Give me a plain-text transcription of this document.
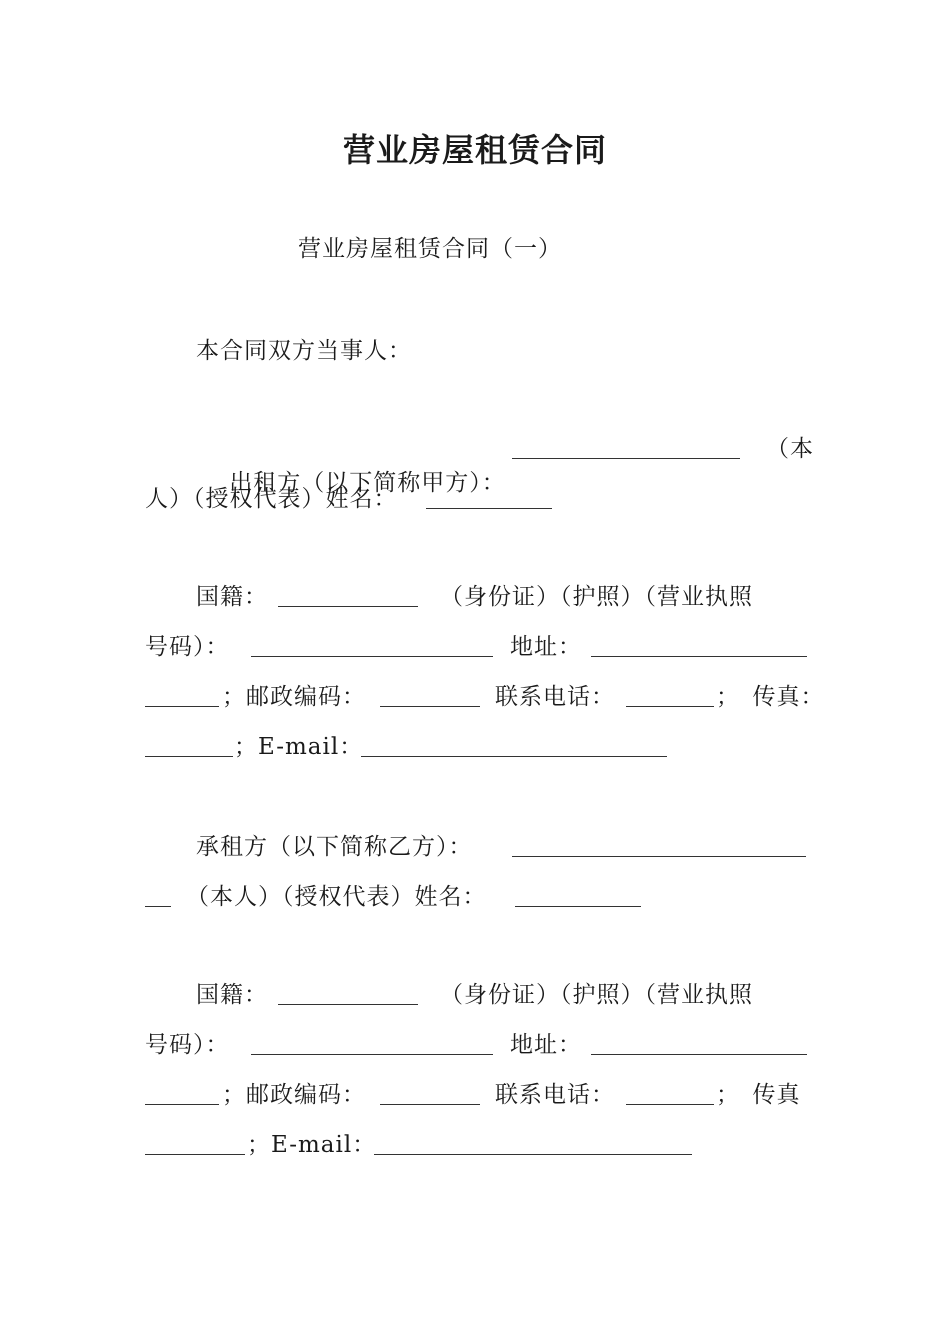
营业房屋租赁合同
营业房屋租赁合同（一）
本合同双方当事人：

出租方（以下简称甲方）：

（本
人）（授权代表）姓名：
国籍：	（身份证）（护照）（营业执照
号码）：	地址：
；邮政编码：	联系电话：	；　传真：
；E-mail：
承租方（以下简称乙方）：
（本人）（授权代表）姓名：
国籍：	（身份证）（护照）（营业执照
号码）：	地址：
；邮政编码：	联系电话：	；　传真
；E-mail：
